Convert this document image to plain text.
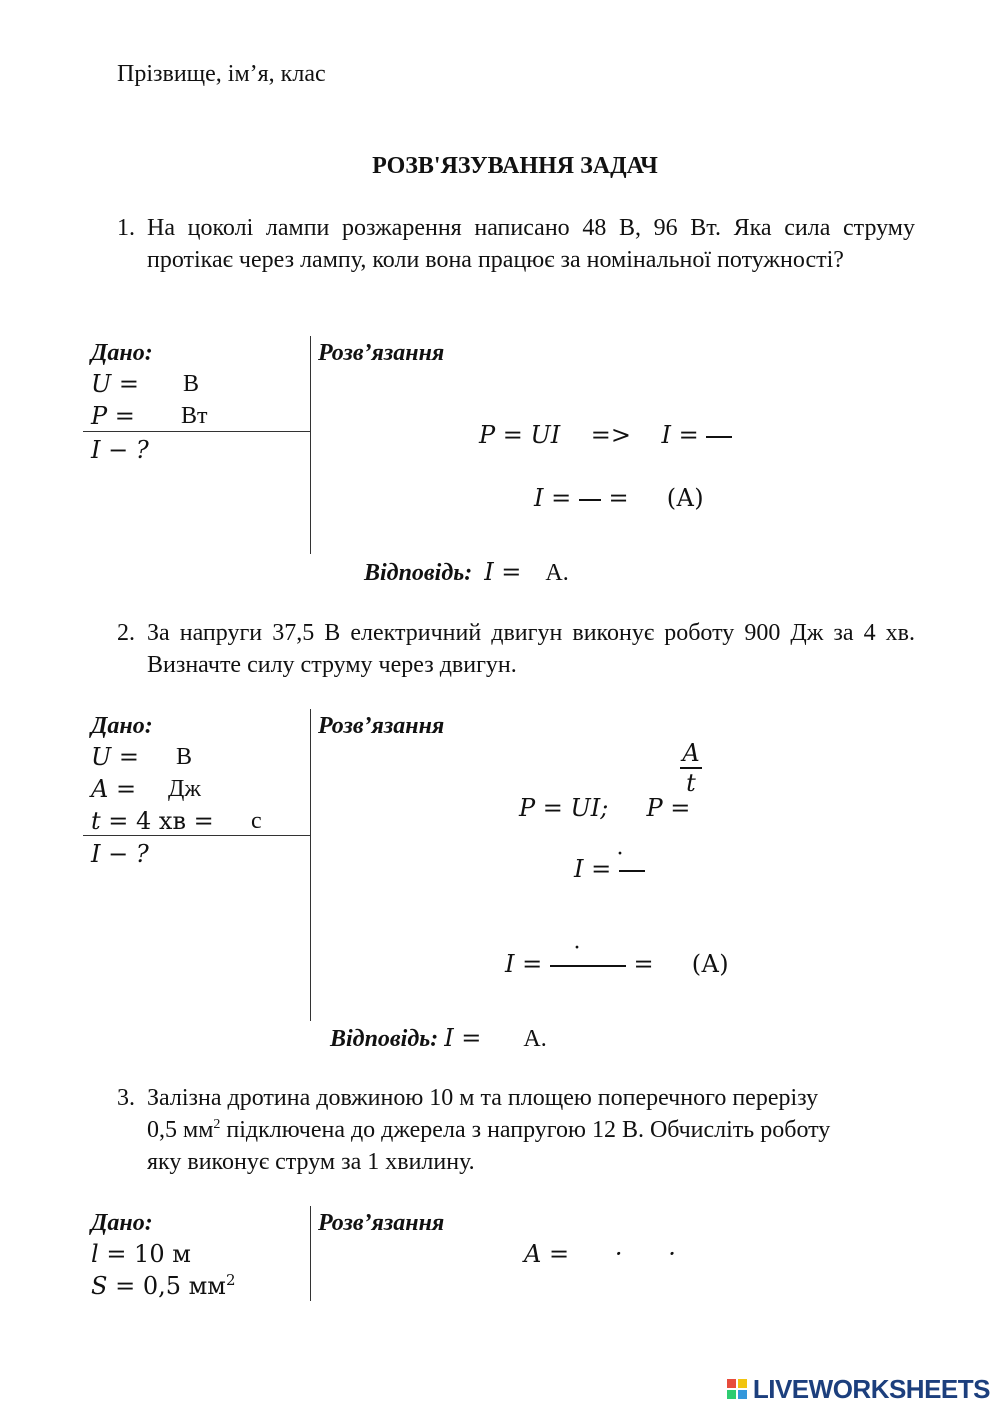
Прізвище, ім’я, клас
РОЗВ'ЯЗУВАННЯ ЗАДАЧ
1. На цоколі лампи розжарення написано 48 В, 96 Вт. Яка сила струму протікає через лампу, коли вона працює за номінальної потужності?
Дано:
U = В
P = Вт
I − ?
Розв’язання

P = UI    =>    I =

I =  =     (А)

Відповідь: I = А.

2. За напруги 37,5 В електричний двигун виконує роботу 900 Дж за 4 хв. Визначте силу струму через двигун.
Дано:
U = В
A = Дж
t = 4 хв = с
I − ?
Розв’язання

P = UI;     P =

A
t

I =

·

I =	=     (А)

·

Відповідь: I = А.

3. Залізна дротина довжиною 10 м та площею поперечного перерізу
0,5 $мм^2$ підключена до джерела з напругою 12 В. Обчисліть роботу
яку виконує струм за 1 хвилину.
Дано:
l = 10 м
S = 0,5 $мм^2$
Розв’язання
A =      ·      ·
LIVEWORKSHEETS
